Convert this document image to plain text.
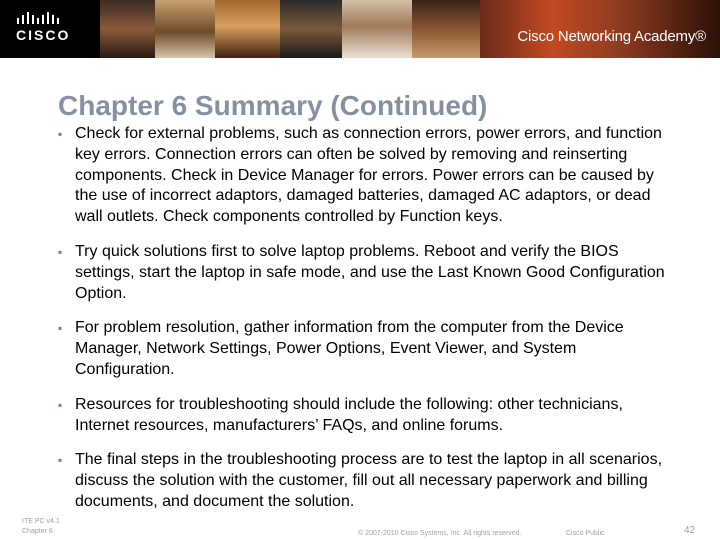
CISCO	Cisco Networking Academy®
Chapter 6 Summary (Continued)
▪ Check for external problems, such as connection errors, power errors, and function key errors. Connection errors can often be solved by removing and reinserting components. Check in Device Manager for errors. Power errors can be caused by the use of incorrect adaptors, damaged batteries, damaged AC adaptors, or dead wall outlets. Check components controlled by Function keys.
▪ Try quick solutions first to solve laptop problems. Reboot and verify the BIOS settings, start the laptop in safe mode, and use the Last Known Good Configuration Option.
▪ For problem resolution, gather information from the computer from the Device Manager, Network Settings, Power Options, Event Viewer, and System Configuration.
▪ Resources for troubleshooting should include the following: other technicians, Internet resources, manufacturers’ FAQs, and online forums.
▪ The final steps in the troubleshooting process are to test the laptop in all scenarios, discuss the solution with the customer, fill out all necessary paperwork and billing documents, and document the solution.
ITE PC v4.1
Chapter 6	© 2007-2010 Cisco Systems, Inc. All rights reserved.	Cisco Public	42
